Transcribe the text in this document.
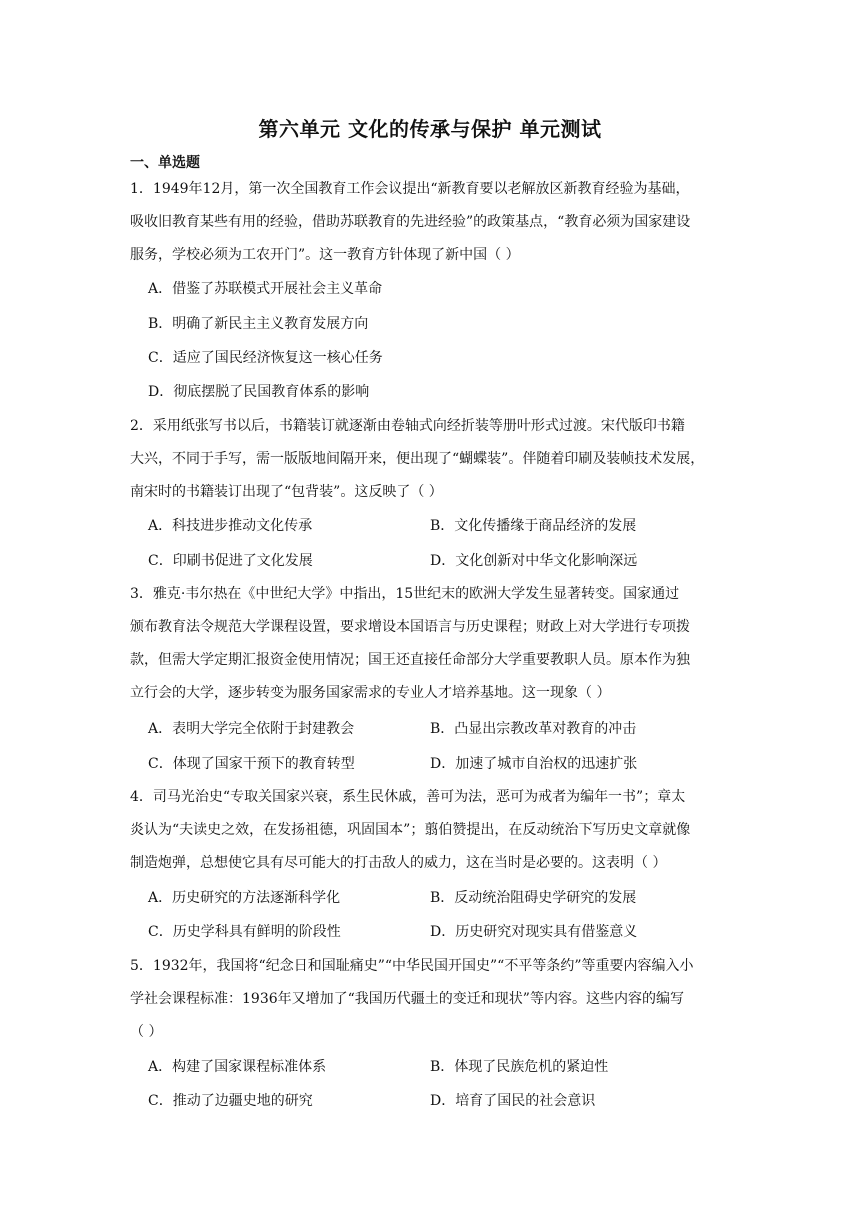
第六单元 文化的传承与保护 单元测试
一、单选题
1．1949年12月，第一次全国教育工作会议提出“新教育要以老解放区新教育经验为基础，
吸收旧教育某些有用的经验，借助苏联教育的先进经验”的政策基点，“教育必须为国家建设
服务，学校必须为工农开门”。这一教育方针体现了新中国（ ）
A．借鉴了苏联模式开展社会主义革命
B．明确了新民主主义教育发展方向
C．适应了国民经济恢复这一核心任务
D．彻底摆脱了民国教育体系的影响
2．采用纸张写书以后，书籍装订就逐渐由卷轴式向经折装等册叶形式过渡。宋代版印书籍
大兴，不同于手写，需一版版地间隔开来，便出现了“蝴蝶装”。伴随着印刷及装帧技术发展，
南宋时的书籍装订出现了“包背装”。这反映了（ ）
A．科技进步推动文化传承	B．文化传播缘于商品经济的发展
C．印刷书促进了文化发展	D．文化创新对中华文化影响深远
3．雅克·韦尔热在《中世纪大学》中指出，15世纪末的欧洲大学发生显著转变。国家通过
颁布教育法令规范大学课程设置，要求增设本国语言与历史课程；财政上对大学进行专项拨
款，但需大学定期汇报资金使用情况；国王还直接任命部分大学重要教职人员。原本作为独
立行会的大学，逐步转变为服务国家需求的专业人才培养基地。这一现象（ ）
A．表明大学完全依附于封建教会	B．凸显出宗教改革对教育的冲击
C．体现了国家干预下的教育转型	D．加速了城市自治权的迅速扩张
4．司马光治史“专取关国家兴衰，系生民休戚，善可为法，恶可为戒者为编年一书”；章太
炎认为“夫读史之效，在发扬祖德，巩固国本”；翦伯赞提出，在反动统治下写历史文章就像
制造炮弹，总想使它具有尽可能大的打击敌人的威力，这在当时是必要的。这表明（ ）
A．历史研究的方法逐渐科学化	B．反动统治阻碍史学研究的发展
C．历史学科具有鲜明的阶段性	D．历史研究对现实具有借鉴意义
5．1932年，我国将“纪念日和国耻痛史”“中华民国开国史”“不平等条约”等重要内容编入小
学社会课程标准：1936年又增加了“我国历代疆土的变迁和现状”等内容。这些内容的编写
（ ）
A．构建了国家课程标准体系	B．体现了民族危机的紧迫性
C．推动了边疆史地的研究	D．培育了国民的社会意识
